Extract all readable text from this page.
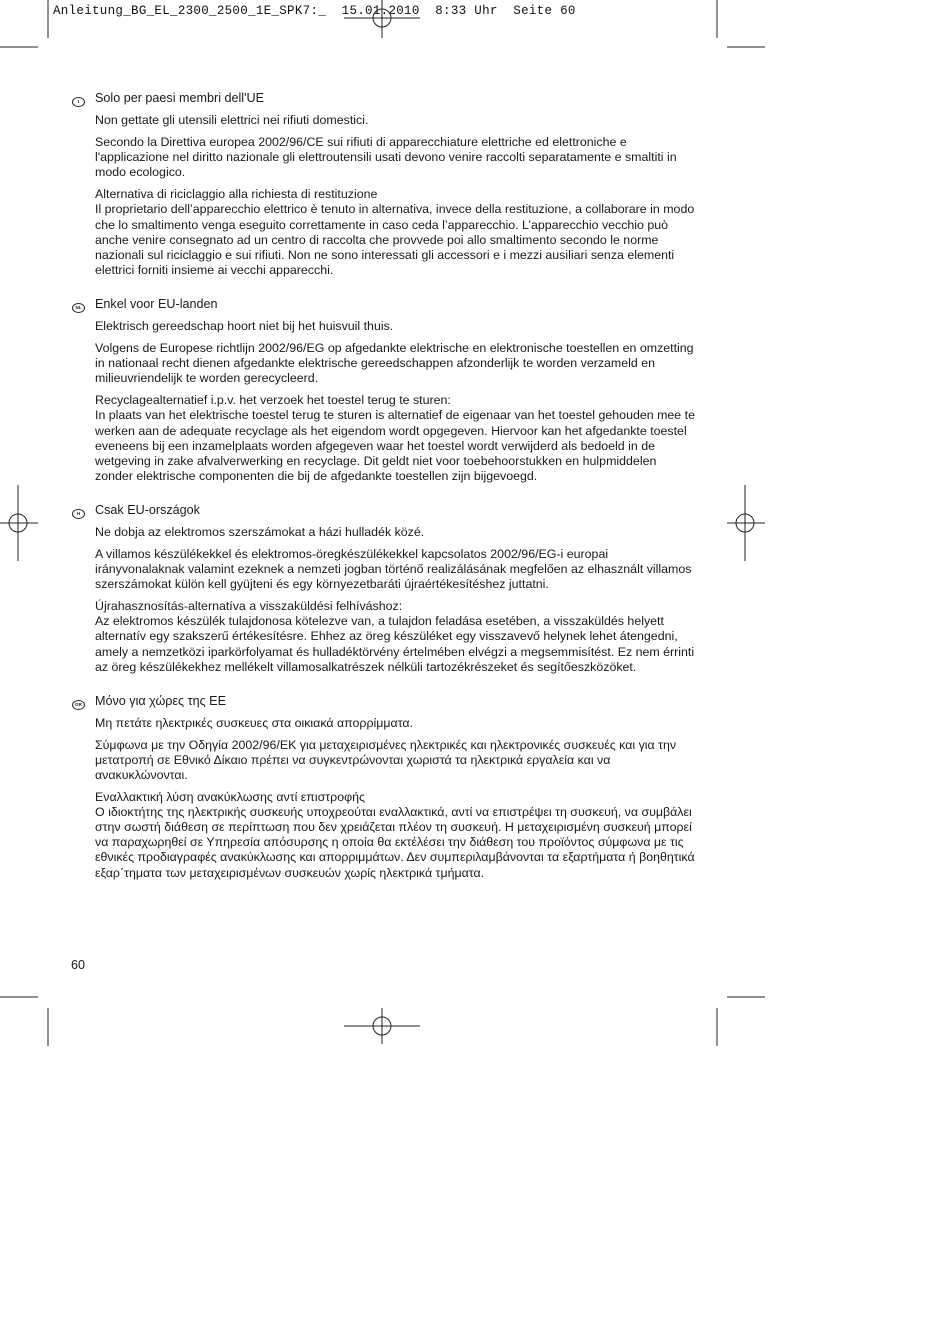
Anleitung_BG_EL_2300_2500_1E_SPK7:_  15.01.2010  8:33 Uhr  Seite 60
I	Solo per paesi membri dell'UE

Non gettate gli utensili elettrici nei rifiuti domestici.

Secondo la Direttiva europea 2002/96/CE sui rifiuti di apparecchiature elettriche ed elettroniche e l'applicazione nel diritto nazionale gli elettroutensili usati devono venire raccolti separatamente e smaltiti in modo ecologico.

Alternativa di riciclaggio alla richiesta di restituzione

Il proprietario dell’apparecchio elettrico è tenuto in alternativa, invece della restituzione, a collaborare in modo che lo smaltimento venga eseguito correttamente in caso ceda l’apparecchio. L’apparecchio vecchio può anche venire consegnato ad un centro di raccolta che provvede poi allo smaltimento secondo le norme nazionali sul riciclaggio e sui rifiuti. Non ne sono interessati gli accessori e i mezzi ausiliari senza elementi elettrici forniti insieme ai vecchi apparecchi.

NL Enkel voor EU-landen

Elektrisch gereedschap hoort niet bij het huisvuil thuis.

Volgens de Europese richtlijn 2002/96/EG op afgedankte elektrische en elektronische toestellen en omzetting in nationaal recht dienen afgedankte elektrische gereedschappen afzonderlijk te worden verzameld en milieuvriendelijk te worden gerecycleerd.

Recyclagealternatief i.p.v. het verzoek het toestel terug te sturen:

In plaats van het elektrische toestel terug te sturen is alternatief de eigenaar van het toestel gehouden mee te werken aan de adequate recyclage als het eigendom wordt opgegeven. Hiervoor kan het afgedankte toestel eveneens bij een inzamelplaats worden afgegeven waar het toestel wordt verwijderd als bedoeld in de wetgeving in zake afvalverwerking en recyclage. Dit geldt niet voor toebehoorstukken en hulpmiddelen zonder elektrische componenten die bij de afgedankte toestellen zijn bijgevoegd.

H	Csak EU-országok

Ne dobja az elektromos szerszámokat a házi hulladék közé.

A villamos készülékekkel és elektromos-öregkészülékekkel kapcsolatos 2002/96/EG-i europai irányvonalaknak valamint ezeknek a nemzeti jogban történő realizálásának megfelően az elhasznált villamos szerszámokat külön kell gyüjteni és egy környezetbaráti újraértékesítéshez juttatni.

Újrahasznosítás-alternatíva a visszaküldési felhíváshoz:

Az elektromos készülék tulajdonosa kötelezve van, a tulajdon feladása esetében, a visszaküldés helyett alternatív egy szakszerű értékesítésre. Ehhez az öreg készüléket egy visszavevő helynek lehet átengedni, amely a nemzetközi iparkörfolyamat és hulladéktörvény értelmében elvégzi a megsemmisítést. Ez nem érrinti az öreg készülékekhez mellékelt villamosalkatrészek nélküli tartozékrészeket és segítőeszközöket.

GR Μόνο για χώρες της ΕΕ

Μη πετάτε ηλεκτρικές συσκευες στα οικιακά απορρίμματα.

Σύμφωνα με την Οδηγία 2002/96/ΕΚ για μεταχειρισμένες ηλεκτρικές και ηλεκτρονικές συσκευές και για την μετατροπή σε Εθνικό Δίκαιο πρέπει να συγκεντρώνονται χωριστά τα ηλεκτρικά εργαλεία και να ανακυκλώνονται.

Εναλλακτική λύση ανακύκλωσης αντί επιστροφής

Ο ιδιοκτήτης της ηλεκτρικής συσκευής υποχρεούται εναλλακτικά, αντί να επιστρέψει τη συσκευή, να συμβάλει στην σωστή διάθεση σε περίπτωση που δεν χρειάζεται πλέον τη συσκευή. Η μεταχειρισμένη συσκευή μπορεί να παραχωρηθεί σε Υπηρεσία απόσυρσης η οποία θα εκτέλέσει την διάθεση του προϊόντος σύμφωνα με τις εθνικές προδιαγραφές ανακύκλωσης και απορριμμάτων. Δεν συμπεριλαμβάνονται τα εξαρτήματα ή βοηθητικά εξαρ΄τηματα των μεταχειρισμένων συσκευών χωρίς ηλεκτρικά τμήματα.

60
